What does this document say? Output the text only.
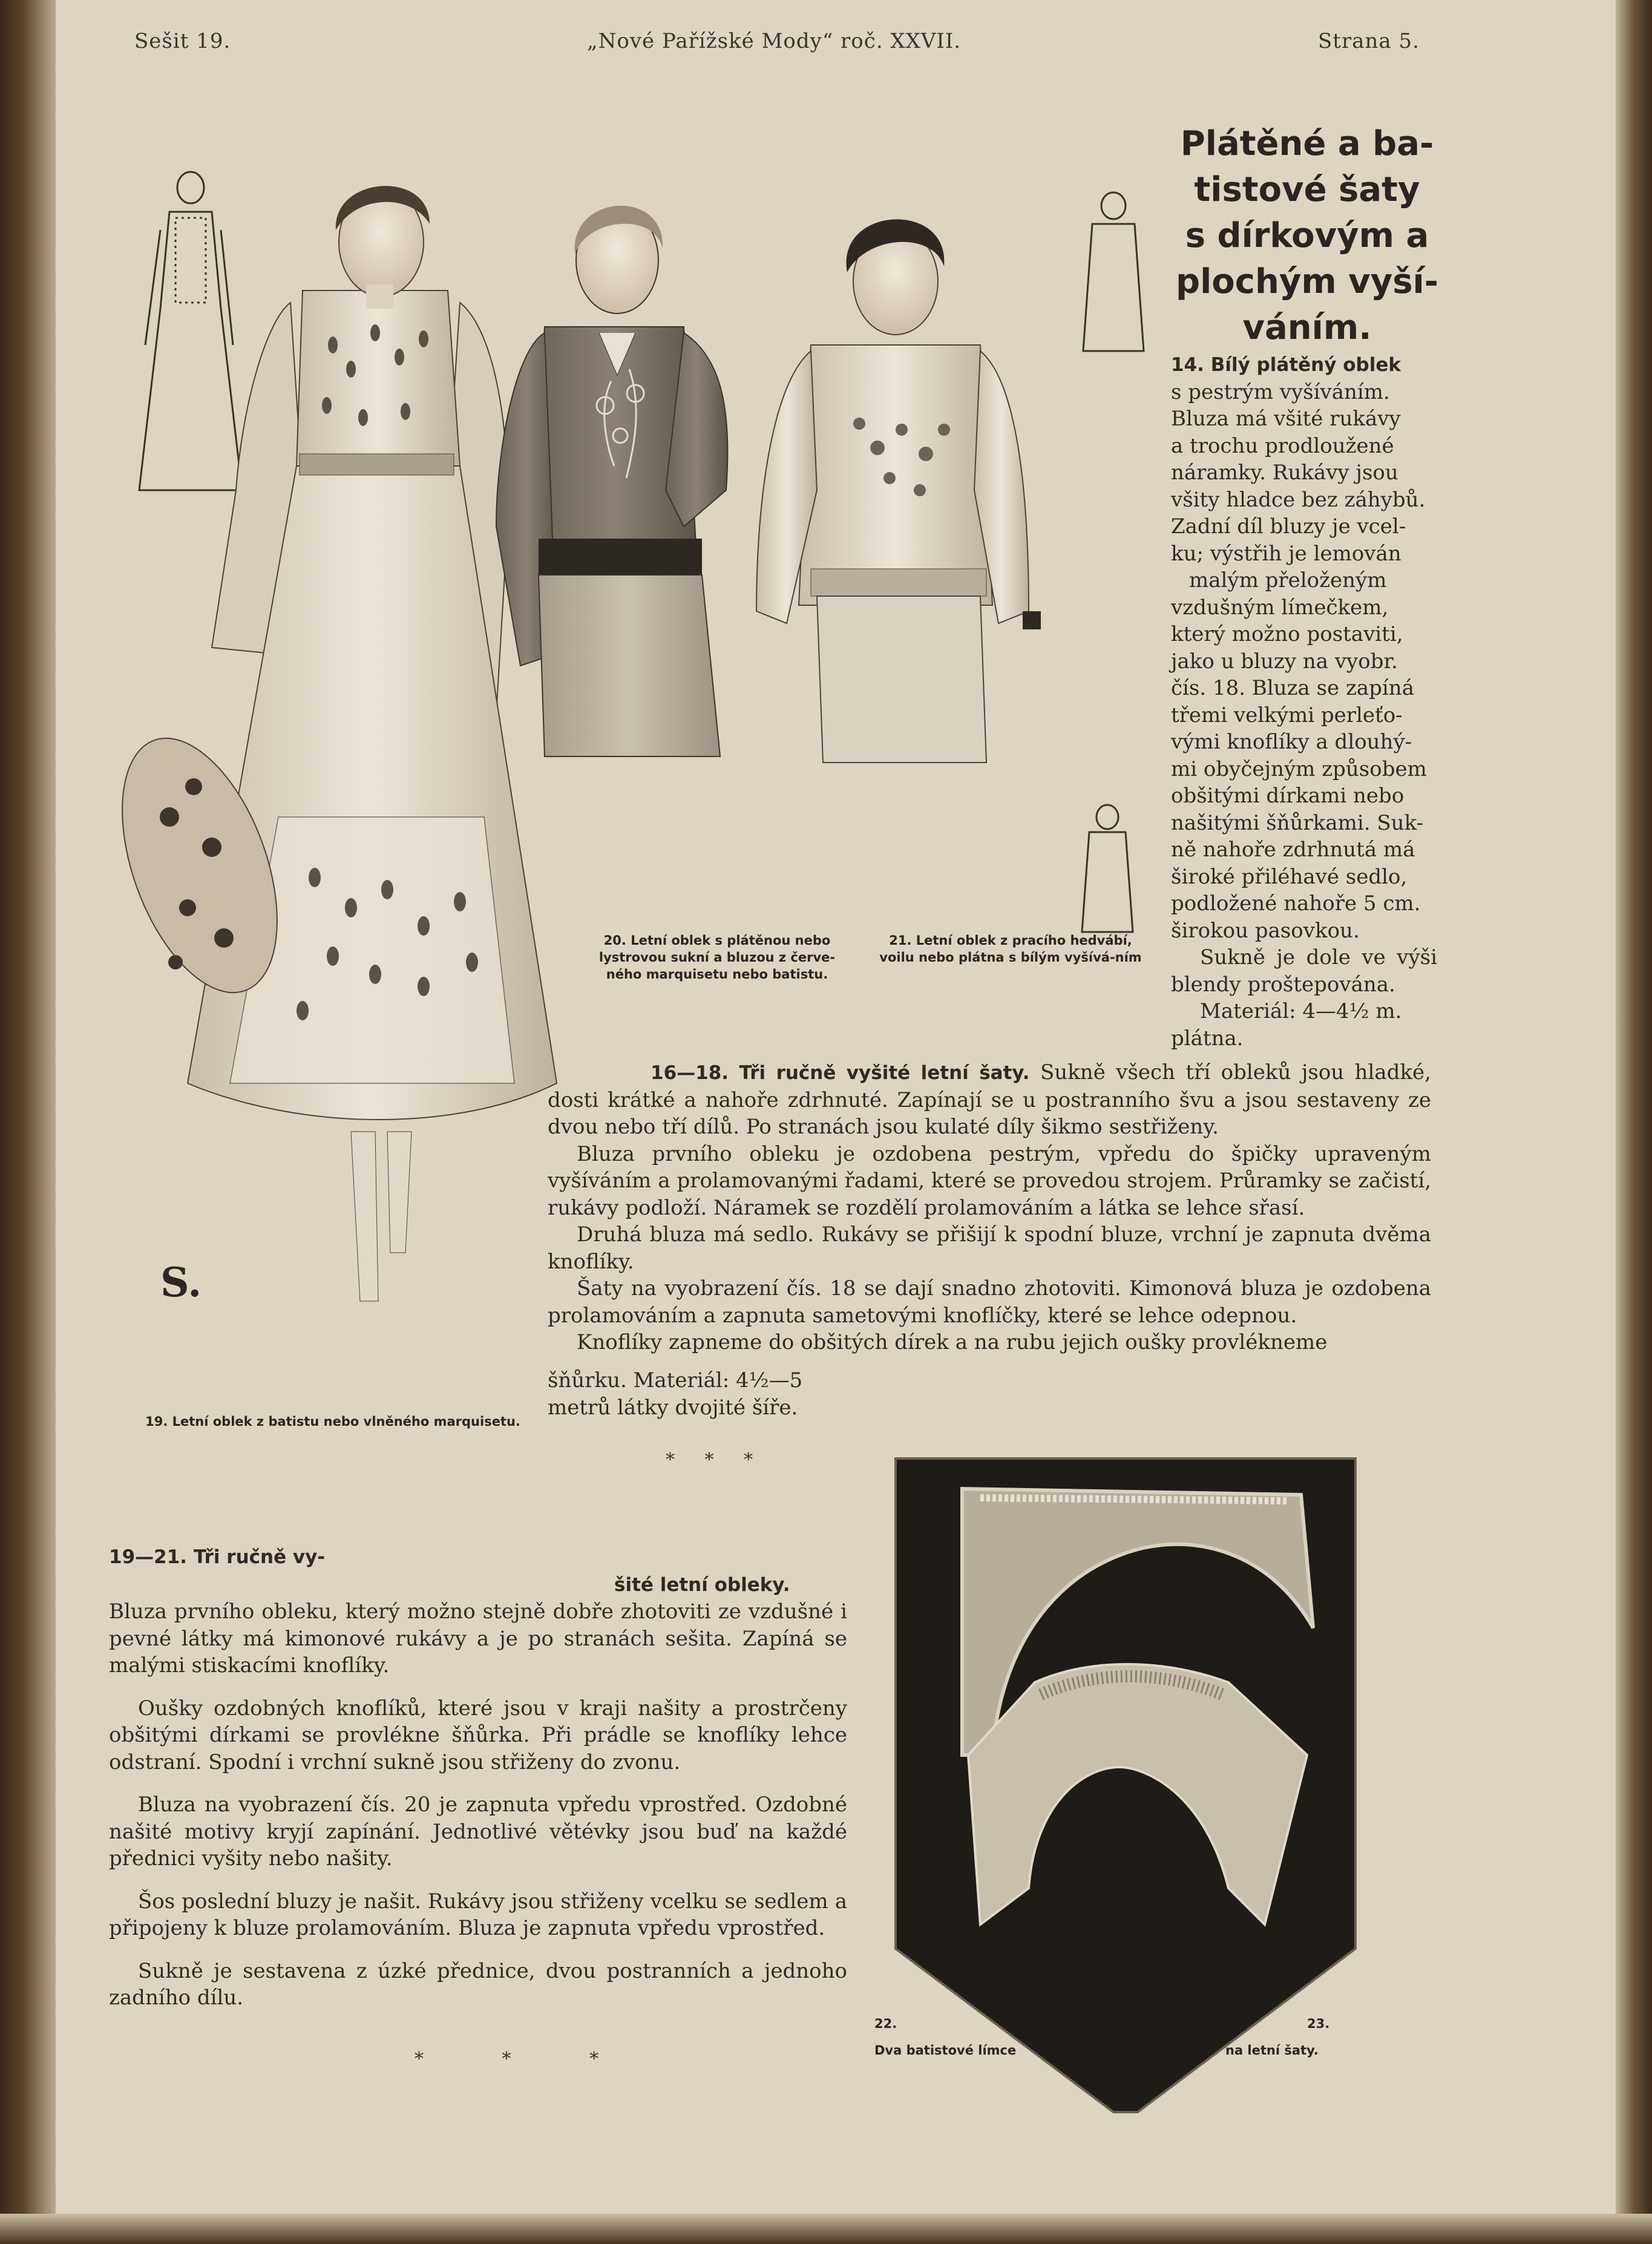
Sešit 19.	„Nové Pařížské Mody“ roč. XXVII.	Strana 5.
Plátěné a ba-
tistové šaty
s dírkovým a
plochým vyší-
váním.

14. Bílý plátěný oblek

s pestrým vyšíváním.

Bluza má všité rukávy

a trochu prodloužené

náramky. Rukávy jsou

všity hladce bez záhybů.

Zadní díl bluzy je vcel-

ku; výstřih je lemován

malým přeloženým

vzdušným límečkem,

který možno postaviti,

jako u bluzy na vyobr.

čís. 18. Bluza se zapíná

třemi velkými perleťo-

vými knoflíky a dlouhý-

mi obyčejným způsobem

obšitými dírkami nebo

našitými šňůrkami. Suk-

ně nahoře zdrhnutá má

široké přiléhavé sedlo,

podložené nahoře 5 cm.

širokou pasovkou.

Sukně je dole ve výši blendy proštepována.

Materiál: 4—4½ m.

plátna.

19. Letní oblek z batistu nebo vlněného marquisetu.
20. Letní oblek s plátěnou nebo lystrovou sukní a bluzou z červe-ného marquisetu nebo batistu.
21. Letní oblek z pracího hedvábí, voilu nebo plátna s bílým vyšívá-ním
S.

16—18. Tři ručně vyšité letní šaty. Sukně všech tří obleků jsou hladké, dosti krátké a nahoře zdrhnuté. Zapínají se u postranního švu a jsou sestaveny ze dvou nebo tří dílů. Po stranách jsou kulaté díly šikmo sestřiženy.

Bluza prvního obleku je ozdobena pestrým, vpředu do špičky upraveným vyšíváním a prolamovanými řadami, které se provedou strojem. Průramky se začistí, rukávy podloží. Náramek se rozdělí prolamováním a látka se lehce sřasí.

Druhá bluza má sedlo. Rukávy se přišijí k spodní bluze, vrchní je zapnuta dvěma knoflíky.

Šaty na vyobrazení čís. 18 se dají snadno zhotoviti. Kimonová bluza je ozdobena prolamováním a zapnuta sametovými knoflíčky, které se lehce odepnou.

Knoflíky zapneme do obšitých dírek a na rubu jejich oušky provlékneme

šňůrku. Materiál: 4½—5

metrů látky dvojité šíře.

* * *

19—21. Tři ručně vy-

šité letní obleky.

Bluza prvního obleku, který možno stejně dobře zhotoviti ze vzdušné i pevné látky má kimonové rukávy a je po stranách sešita. Zapíná se malými stiskacími knoflíky.

Oušky ozdobných knoflíků, které jsou v kraji našity a prostrčeny obšitými dírkami se provlékne šňůrka. Při prádle se knoflíky lehce odstraní. Spodní i vrchní sukně jsou střiženy do zvonu.

Bluza na vyobrazení čís. 20 je zapnuta vpředu vprostřed. Ozdobné našité motivy kryjí zapínání. Jednotlivé větévky jsou buď na každé přednici vyšity nebo našity.

Šos poslední bluzy je našit. Rukávy jsou střiženy vcelku se sedlem a připojeny k bluze prolamováním. Bluza je zapnuta vpředu vprostřed.

Sukně je sestavena z úzké přednice, dvou postranních a jednoho zadního dílu.

* * *
22.	23.
Dva batistové límce	na letní šaty.
